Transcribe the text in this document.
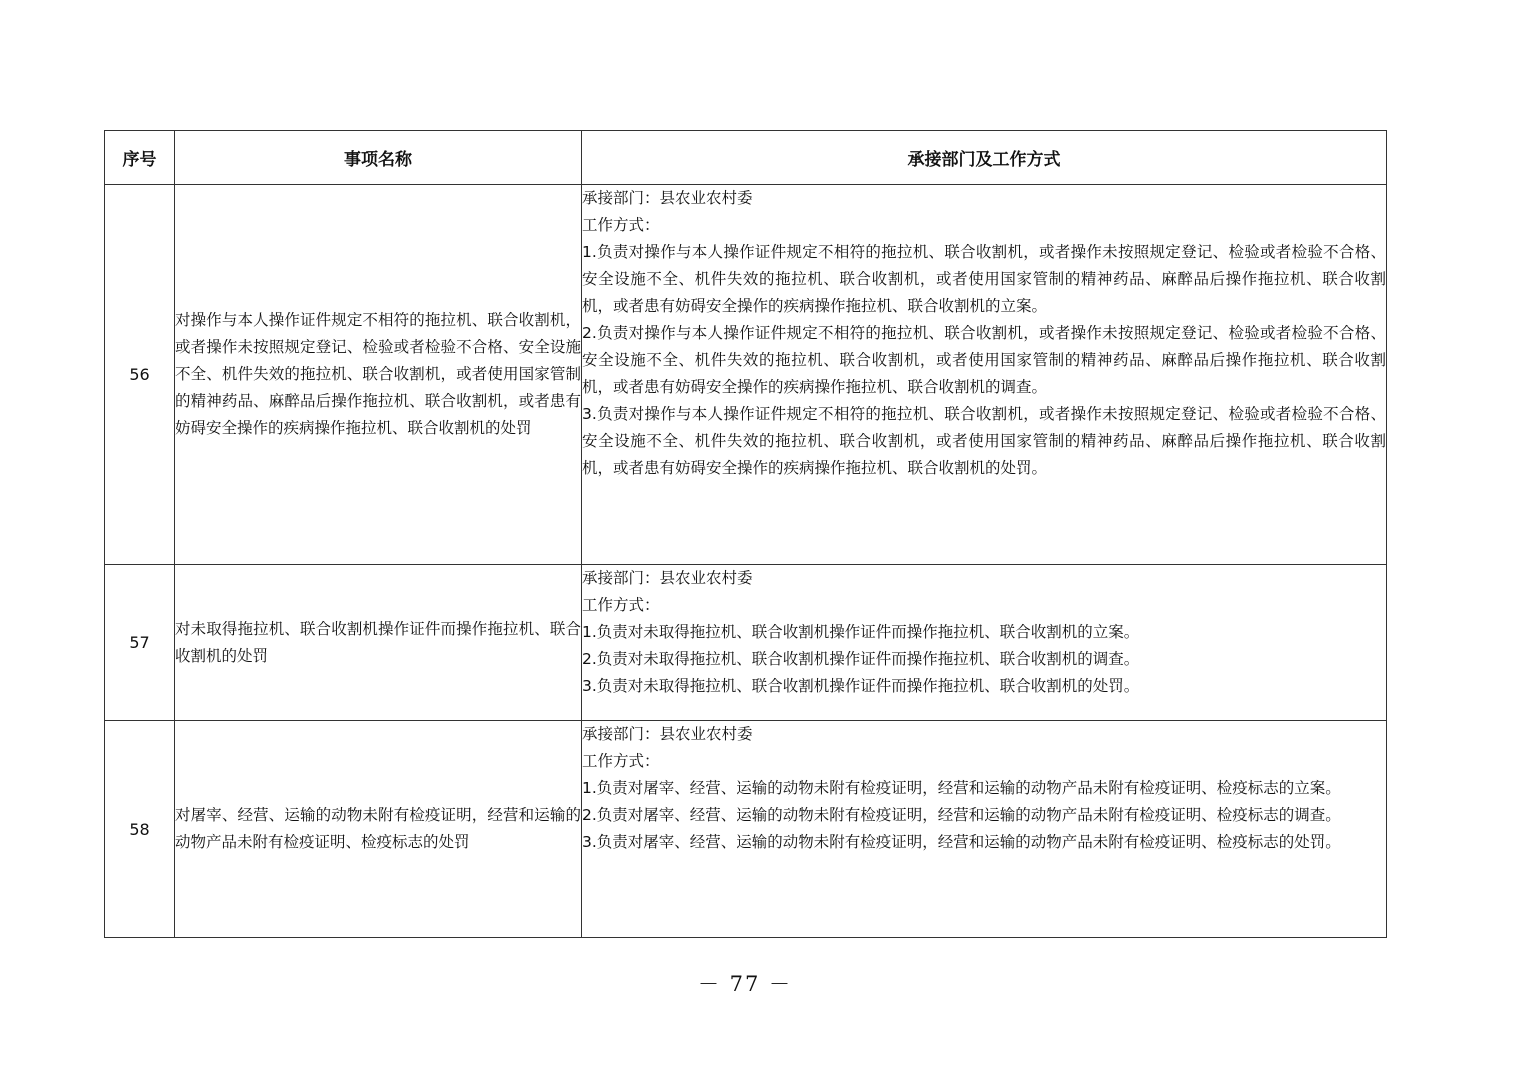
序号	事项名称	承接部门及工作方式
56	对操作与本人操作证件规定不相符的拖拉机、联合收割机，或者操作未按照规定登记、检验或者检验不合格、安全设施不全、机件失效的拖拉机、联合收割机，或者使用国家管制的精神药品、麻醉品后操作拖拉机、联合收割机，或者患有妨碍安全操作的疾病操作拖拉机、联合收割机的处罚	承接部门：县农业农村委
工作方式：
1.负责对操作与本人操作证件规定不相符的拖拉机、联合收割机，或者操作未按照规定登记、检验或者检验不合格、安全设施不全、机件失效的拖拉机、联合收割机，或者使用国家管制的精神药品、麻醉品后操作拖拉机、联合收割机，或者患有妨碍安全操作的疾病操作拖拉机、联合收割机的立案。
2.负责对操作与本人操作证件规定不相符的拖拉机、联合收割机，或者操作未按照规定登记、检验或者检验不合格、安全设施不全、机件失效的拖拉机、联合收割机，或者使用国家管制的精神药品、麻醉品后操作拖拉机、联合收割机，或者患有妨碍安全操作的疾病操作拖拉机、联合收割机的调查。
3.负责对操作与本人操作证件规定不相符的拖拉机、联合收割机，或者操作未按照规定登记、检验或者检验不合格、安全设施不全、机件失效的拖拉机、联合收割机，或者使用国家管制的精神药品、麻醉品后操作拖拉机、联合收割机，或者患有妨碍安全操作的疾病操作拖拉机、联合收割机的处罚。

57	对未取得拖拉机、联合收割机操作证件而操作拖拉机、联合收割机的处罚	承接部门：县农业农村委
工作方式：
1.负责对未取得拖拉机、联合收割机操作证件而操作拖拉机、联合收割机的立案。
2.负责对未取得拖拉机、联合收割机操作证件而操作拖拉机、联合收割机的调查。
3.负责对未取得拖拉机、联合收割机操作证件而操作拖拉机、联合收割机的处罚。

58	对屠宰、经营、运输的动物未附有检疫证明，经营和运输的动物产品未附有检疫证明、检疫标志的处罚	承接部门：县农业农村委
工作方式：
1.负责对屠宰、经营、运输的动物未附有检疫证明，经营和运输的动物产品未附有检疫证明、检疫标志的立案。
2.负责对屠宰、经营、运输的动物未附有检疫证明，经营和运输的动物产品未附有检疫证明、检疫标志的调查。
3.负责对屠宰、经营、运输的动物未附有检疫证明，经营和运输的动物产品未附有检疫证明、检疫标志的处罚。
－ 77 －
